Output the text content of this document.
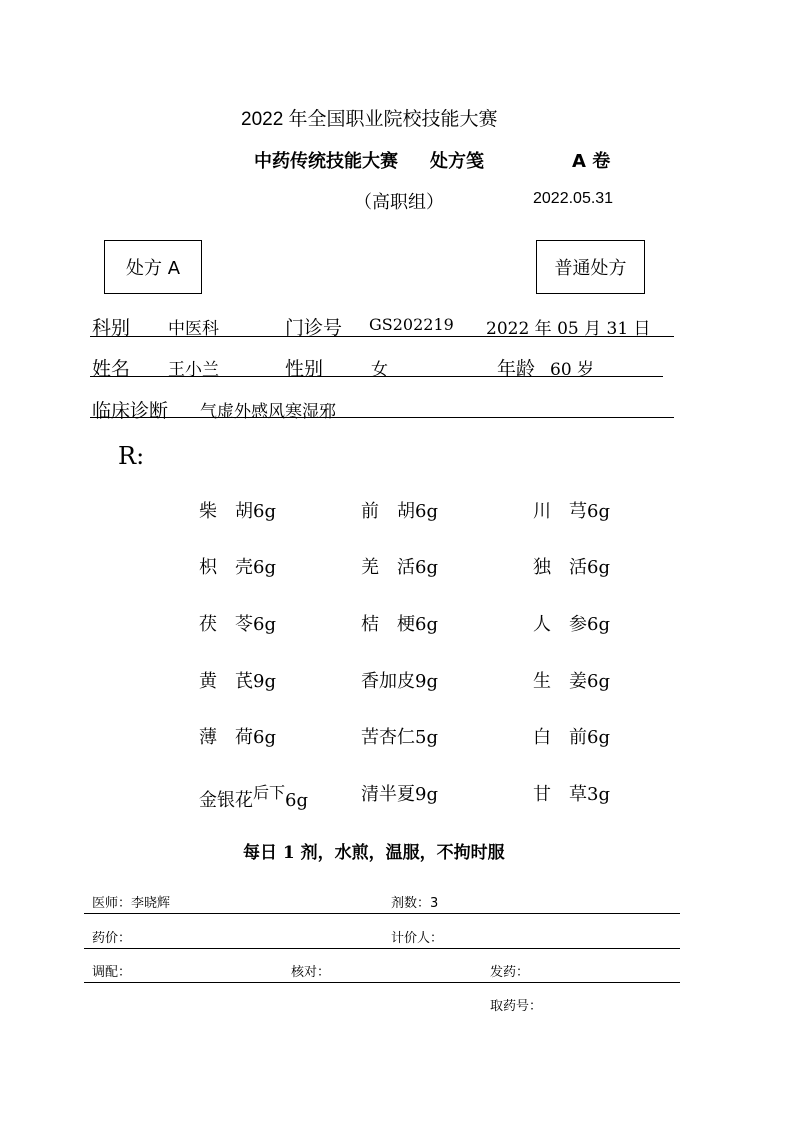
2022 年全国职业院校技能大赛
中药传统技能大赛 处方笺	A 卷
（高职组）	2022.05.31
处方 A	普通处方
科别 中医科	门诊号 GS202219 2022 年 05 月 31 日
姓名 王小兰	性别	女	年龄 60 岁
临床诊断 气虚外感风寒湿邪
R:
柴　胡6g	前　胡6g	川　芎6g
枳　壳6g	羌　活6g	独　活6g
茯　苓6g	桔　梗6g	人　参6g
黄　芪9g	香加皮9g	生　姜6g
薄　荷6g	苦杏仁5g	白　前6g
金银花$^{后下}$6g	清半夏9g	甘　草3g
每日 1 剂，水煎，温服，不拘时服
医师：李晓辉	剂数：3
药价：	计价人：
调配：	核对：	发药：
取药号：
